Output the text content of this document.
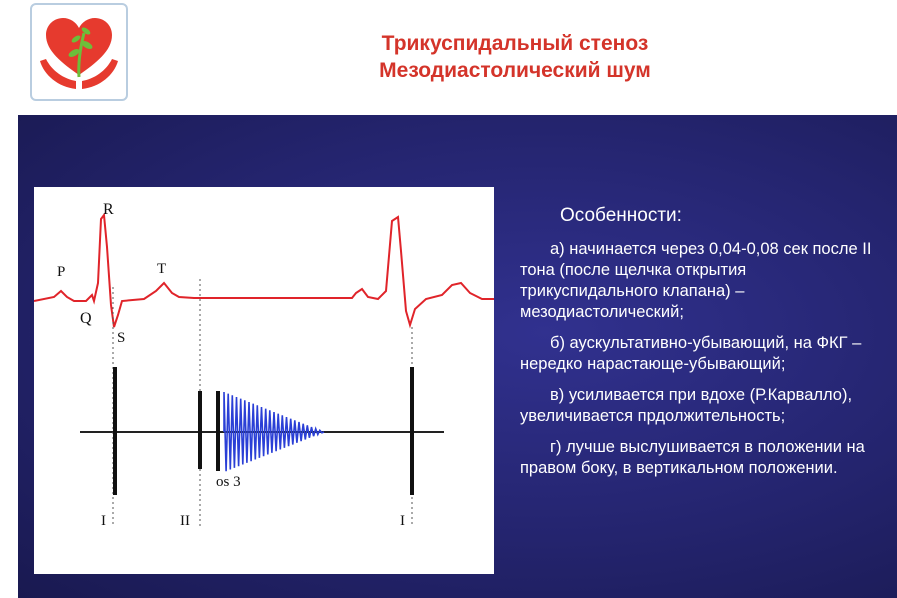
Трикуспидальный стеноз
Мезодиастолический шум
R
P	T
Q
S
os 3
I	II	I
Особенности:
а) начинается через 0,04-0,08 сек после II тона (после щелчка открытия трикуспидального клапана) – мезодиастолический;
б) аускультативно-убывающий, на ФКГ – нередко нарастающе-убывающий;
в) усиливается при вдохе (Р.Карвалло), увеличивается прдолжительность;
г) лучше выслушивается в положении на правом боку, в вертикальном положении.
